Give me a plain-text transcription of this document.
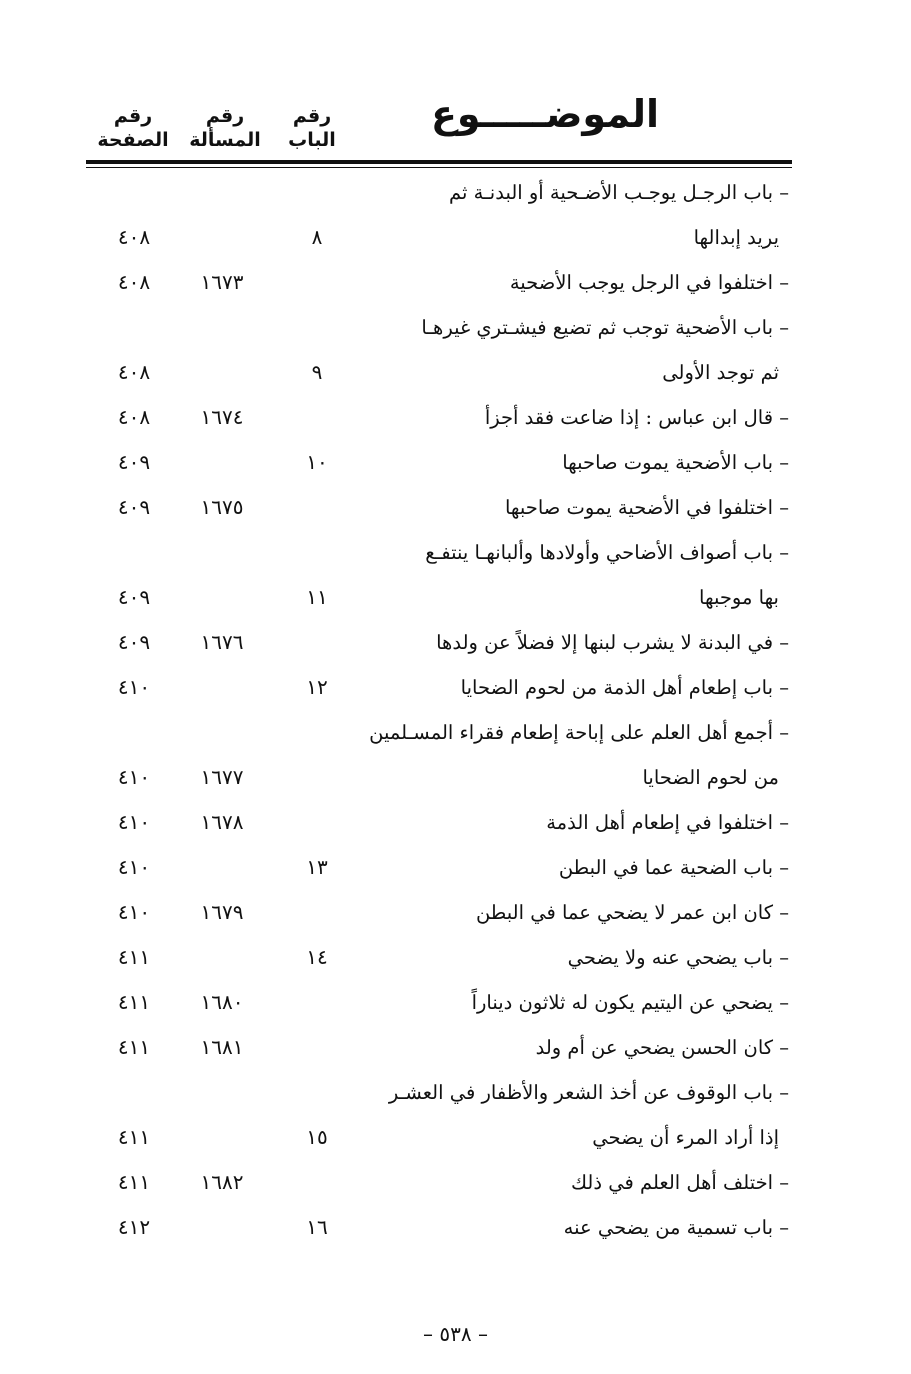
الموضـــــوع
رقم
الباب
رقم
المسألة
رقم
الصفحة
– باب الرجـل يوجـب الأضـحية أو البدنـة ثم
يريد إبدالها
٨
٤٠٨
– اختلفوا في الرجل يوجب الأضحية
١٦٧٣
٤٠٨
– باب الأضحية توجب ثم تضيع فيشـتري غيرهـا
ثم توجد الأولى
٩
٤٠٨
– قال ابن عباس : إذا ضاعت فقد أجزأ
١٦٧٤
٤٠٨
– باب الأضحية يموت صاحبها
١٠
٤٠٩
– اختلفوا في الأضحية يموت صاحبها
١٦٧٥
٤٠٩
– باب أصواف الأضاحي وأولادها وألبانهـا ينتفـع
بها موجبها
١١
٤٠٩
– في البدنة لا يشرب لبنها إلا فضلاً عن ولدها
١٦٧٦
٤٠٩
– باب إطعام أهل الذمة من لحوم الضحايا
١٢
٤١٠
– أجمع أهل العلم على إباحة إطعام فقراء المسـلمين
من لحوم الضحايا
١٦٧٧
٤١٠
– اختلفوا في إطعام أهل الذمة
١٦٧٨
٤١٠
– باب الضحية عما في البطن
١٣
٤١٠
– كان ابن عمر لا يضحي عما في البطن
١٦٧٩
٤١٠
– باب يضحي عنه ولا يضحي
١٤
٤١١
– يضحي عن اليتيم يكون له ثلاثون ديناراً
١٦٨٠
٤١١
– كان الحسن يضحي عن أم ولد
١٦٨١
٤١١
– باب الوقوف عن أخذ الشعر والأظفار في العشـر
إذا أراد المرء أن يضحي
١٥
٤١١
– اختلف أهل العلم في ذلك
١٦٨٢
٤١١
– باب تسمية من يضحي عنه
١٦
٤١٢
– ٥٣٨ –
